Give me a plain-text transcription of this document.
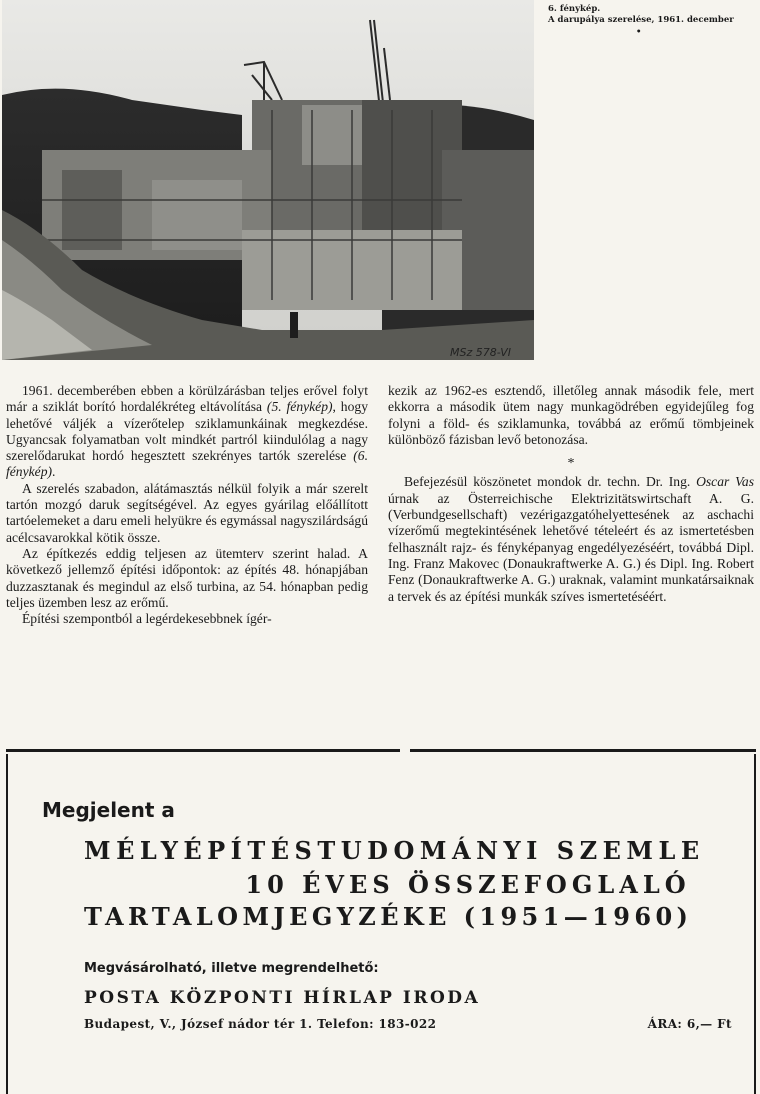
MSz 578-VI
6. fénykép.
A darupálya szerelése, 1961. december
•

1961. decemberében ebben a körülzárásban teljes erővel folyt már a sziklát borító hordalékréteg eltávolítása (5. fénykép), hogy lehetővé váljék a vízerőtelep sziklamunkáinak megkezdése. Ugyancsak folyamatban volt mindkét partról kiindulólag a nagy szerelődarukat hordó hegesztett szekrényes tartók szerelése (6. fénykép).

A szerelés szabadon, alátámasztás nélkül folyik a már szerelt tartón mozgó daruk segítségével. Az egyes gyárilag előállított tartóelemeket a daru emeli helyükre és egymással nagyszilárdságú acélcsavarokkal kötik össze.

Az építkezés eddig teljesen az ütemterv szerint halad. A következő jellemző építési időpontok: az építés 48. hónapjában duzzasztanak és megindul az első turbina, az 54. hónapban pedig teljes üzemben lesz az erőmű.

Építési szempontból a legérdekesebbnek ígér-

kezik az 1962-es esztendő, illetőleg annak második fele, mert ekkorra a második ütem nagy munkagödrében egyidejűleg fog folyni a föld- és sziklamunka, továbbá az erőmű tömbjeinek különböző fázisban levő betonozása.

*

Befejezésül köszönetet mondok dr. techn. Dr. Ing. Oscar Vas úrnak az Österreichische Elektrizitätswirtschaft A. G. (Verbundgesellschaft) vezérigazgatóhelyettesének az aschachi vízerőmű megtekintésének lehetővé tételeért és az ismertetésben felhasznált rajz- és fényképanyag engedélyezéséért, továbbá Dipl. Ing. Franz Makovec (Donaukraftwerke A. G.) és Dipl. Ing. Robert Fenz (Donaukraftwerke A. G.) uraknak, valamint munkatársaiknak a tervek és az építési munkák szíves ismertetéséért.

Megjelent a
MÉLYÉPÍTÉSTUDOMÁNYI SZEMLE
10 ÉVES ÖSSZEFOGLALÓ
TARTALOMJEGYZÉKE (1951—1960)
Megvásárolható, illetve megrendelhető:
POSTA KÖZPONTI HÍRLAP IRODA
Budapest, V., József nádor tér 1. Telefon: 183-022	ÁRA: 6,— Ft
